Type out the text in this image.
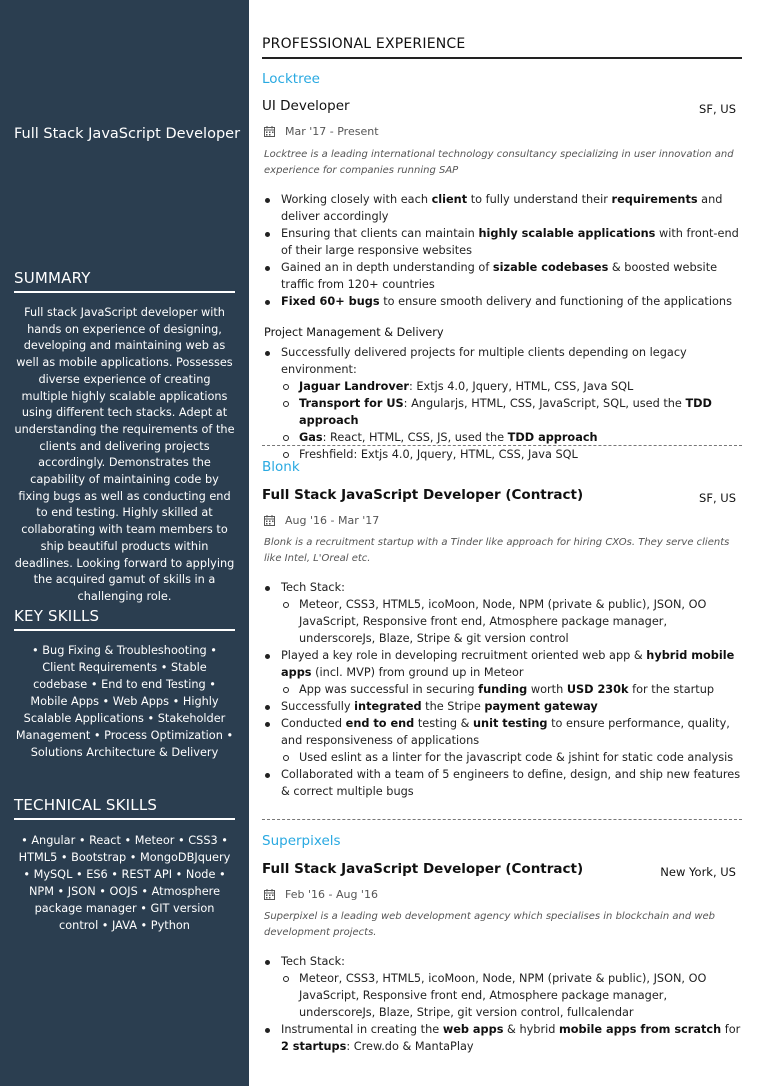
Full Stack JavaScript Developer
SUMMARY
Full stack JavaScript developer with hands on experience of designing, developing and maintaining web as well as mobile applications. Possesses diverse experience of creating multiple highly scalable applications using different tech stacks. Adept at understanding the requirements of the clients and delivering projects accordingly. Demonstrates the capability of maintaining code by fixing bugs as well as conducting end to end testing. Highly skilled at collaborating with team members to ship beautiful products within deadlines. Looking forward to applying the acquired gamut of skills in a challenging role.
KEY SKILLS
• Bug Fixing & Troubleshooting • Client Requirements • Stable codebase • End to end Testing • Mobile Apps • Web Apps • Highly Scalable Applications • Stakeholder Management • Process Optimization • Solutions Architecture & Delivery
TECHNICAL SKILLS
• Angular • React • Meteor • CSS3 • HTML5 • Bootstrap • MongoDBJquery • MySQL • ES6 • REST API • Node • NPM • JSON • OOJS • Atmosphere package manager • GIT version control • JAVA • Python
PROFESSIONAL EXPERIENCE
Locktree
UI Developer	SF, US
Mar '17 - Present
Locktree is a leading international technology consultancy specializing in user innovation and experience for companies running SAP
Working closely with each client to fully understand their requirements and deliver accordingly
Ensuring that clients can maintain highly scalable applications with front-end of their large responsive websites
Gained an in depth understanding of sizable codebases & boosted website traffic from 120+ countries
Fixed 60+ bugs to ensure smooth delivery and functioning of the applications
Project Management & Delivery
Successfully delivered projects for multiple clients depending on legacy environment:
Jaguar Landrover: Extjs 4.0, Jquery, HTML, CSS, Java SQL
Transport for US: Angularjs, HTML, CSS, JavaScript, SQL, used the TDD approach
Gas: React, HTML, CSS, JS, used the TDD approach
Freshfield: Extjs 4.0, Jquery, HTML, CSS, Java SQL
Blonk
Full Stack JavaScript Developer (Contract)	SF, US
Aug '16 - Mar '17
Blonk is a recruitment startup with a Tinder like approach for hiring CXOs. They serve clients like Intel, L'Oreal etc.
Tech Stack:
Meteor, CSS3, HTML5, icoMoon, Node, NPM (private & public), JSON, OO JavaScript, Responsive front end, Atmosphere package manager, underscoreJs, Blaze, Stripe & git version control
Played a key role in developing recruitment oriented web app & hybrid mobile apps (incl. MVP) from ground up in Meteor
App was successful in securing funding worth USD 230k for the startup
Successfully integrated the Stripe payment gateway
Conducted end to end testing & unit testing to ensure performance, quality, and responsiveness of applications
Used eslint as a linter for the javascript code & jshint for static code analysis
Collaborated with a team of 5 engineers to define, design, and ship new features & correct multiple bugs
Superpixels
Full Stack JavaScript Developer (Contract)	New York, US
Feb '16 - Aug '16
Superpixel is a leading web development agency which specialises in blockchain and web development projects.
Tech Stack:
Meteor, CSS3, HTML5, icoMoon, Node, NPM (private & public), JSON, OO JavaScript, Responsive front end, Atmosphere package manager, underscoreJs, Blaze, Stripe, git version control, fullcalendar
Instrumental in creating the web apps & hybrid mobile apps from scratch for 2 startups: Crew.do & MantaPlay
